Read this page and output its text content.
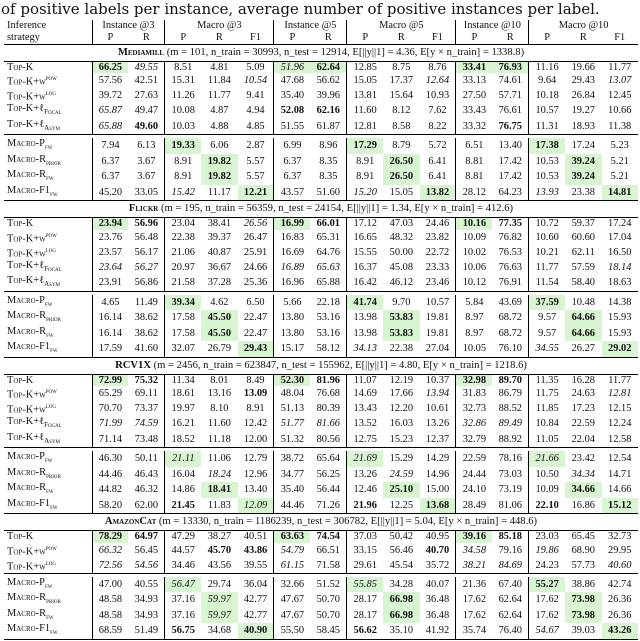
of positive labels per instance, average number of positive instances per label.
Inference	Instance @3		Macro @3			Instance @5		Macro @5			Instance @10		Macro @10		
strategy	P	R	P	R	F1	P	R	P	R	F1	P	R	P	R	F1
Mediamill (m = 101, n_train = 30993, n_test = 12914, E[||y||1] = 4.36, E[y × n_train] = 1338.8)															
Top-K	66.25	49.55	8.51	4.81	5.09	51.96	62.64	12.85	8.75	8.76	33.41	76.93	11.16	19.66	11.77
Top-$K+w^{pow}$	57.56	42.51	15.31	11.84	10.54	47.68	56.62	15.05	17.37	12.64	33.13	74.61	9.64	29.43	13.07
Top-$K+w^{log}$	39.72	27.63	11.26	11.77	9.41	35.40	39.96	13.81	15.64	10.93	27.50	57.71	10.18	26.84	12.45
Top-K+ℓ$_{Focal}$	65.87	49.47	10.08	4.87	4.94	52.08	62.16	11.60	8.12	7.62	33.43	76.61	10.57	19.27	10.66
Top-K+ℓ$_{Asym}$	65.88	49.60	10.03	4.88	4.85	51.55	61.87	12.81	8.58	8.22	33.32	76.75	11.31	18.93	11.38

Macro-$P_{fw}$	7.94	6.13	19.33	6.06	2.87	6.99	8.96	17.29	8.79	5.72	6.51	13.40	17.38	17.24	5.23
Macro-$R_{prior}$	6.37	3.67	8.91	19.82	5.57	6.37	8.35	8.91	26.50	6.41	8.81	17.42	10.53	39.24	5.21
Macro-$R_{fw}$	6.37	3.67	8.91	19.82	5.57	6.37	8.35	8.91	26.50	6.41	8.81	17.42	10.53	39.24	5.21
Macro-$F1_{fw}$	45.20	33.05	15.42	11.17	12.21	43.57	51.60	15.20	15.05	13.82	28.12	64.23	13.93	23.38	14.81
Flickr (m = 195, n_train = 56359, n_test = 24154, E[||y||1] = 1.34, E[y × n_train] = 412.6)															
Top-K	23.94	56.96	23.04	38.41	26.56	16.99	66.01	17.12	47.03	24.46	10.16	77.35	10.72	59.37	17.24
Top-$K+w^{pow}$	23.76	56.48	22.38	39.37	26.47	16.83	65.31	16.65	48.32	23.82	10.09	76.82	10.60	60.60	17.04
Top-$K+w^{log}$	23.57	56.17	21.06	40.87	25.91	16.69	64.76	15.55	50.00	22.72	10.02	76.53	10.21	62.11	16.50
Top-K+ℓ$_{Focal}$	23.64	56.27	20.97	36.67	24.66	16.89	65.63	16.37	45.08	23.33	10.06	76.63	11.77	57.59	18.14
Top-K+ℓ$_{Asym}$	23.91	56.86	21.58	37.28	25.36	16.96	65.88	16.42	46.12	23.46	10.12	76.91	11.54	58.40	18.63

Macro-$P_{fw}$	4.65	11.49	39.34	4.62	6.50	5.66	22.18	41.74	9.70	10.57	5.84	43.69	37.59	10.48	14.38
Macro-$R_{prior}$	16.14	38.62	17.58	45.50	22.47	13.80	53.16	13.98	53.83	19.81	8.97	68.72	9.57	64.66	15.93
Macro-$R_{fw}$	16.14	38.62	17.58	45.50	22.47	13.80	53.16	13.98	53.83	19.81	8.97	68.72	9.57	64.66	15.93
Macro-$F1_{fw}$	17.59	41.60	32.07	26.79	29.43	15.17	58.12	34.13	22.38	27.04	10.05	76.10	34.55	26.27	29.02
RCV1X (m = 2456, n_train = 623847, n_test = 155962, E[||y||1] = 4.80, E[y × n_train] = 1218.6)															
Top-K	72.99	75.32	11.34	8.01	8.49	52.30	81.96	11.07	12.19	10.37	32.98	89.70	11.35	16.28	11.77
Top-$K+w^{pow}$	65.29	69.11	18.61	13.16	13.09	48.04	76.68	14.69	17.66	13.94	31.83	86.79	11.75	24.63	12.81
Top-$K+w^{log}$	70.70	73.37	19.97	8.10	8.91	51.13	80.39	13.43	12.20	10.61	32.73	88.52	11.85	17.23	12.15
Top-K+ℓ$_{Focal}$	71.99	74.59	16.21	11.60	12.42	51.77	81.66	13.52	16.03	13.26	32.86	89.49	10.84	22.59	12.24
Top-K+ℓ$_{Asym}$	71.14	73.48	18.52	11.18	12.00	51.32	80.56	12.75	15.23	12.37	32.79	88.92	11.05	22.04	12.58

Macro-$P_{fw}$	46.30	50.11	21.11	11.06	12.79	38.72	65.64	21.69	15.29	14.29	22.59	78.16	21.66	23.42	12.54
Macro-$R_{prior}$	44.46	46.43	16.04	18.24	12.96	34.77	56.25	13.26	24.59	14.96	24.44	73.03	10.50	34.34	14.71
Macro-$R_{fw}$	44.82	46.32	14.86	18.41	13.40	35.40	56.44	12.46	25.10	15.00	24.10	73.19	10.09	34.66	14.66
Macro-$F1_{fw}$	58.20	62.00	21.45	11.83	12.09	44.46	71.26	21.96	12.25	13.68	28.49	81.06	22.10	16.86	15.12
AmazonCat (m = 13330, n_train = 1186239, n_test = 306782, E[||y||1] = 5.04, E[y × n_train] = 448.6)															
Top-K	78.29	64.97	47.29	38.27	40.51	63.63	74.54	37.03	50.42	40.95	39.16	85.18	23.03	65.45	32.73
Top-$K+w^{pow}$	66.32	56.45	44.57	45.70	43.86	54.79	66.51	33.15	56.46	40.70	34.58	79.16	19.86	68.90	29.95
Top-$K+w^{log}$	72.56	54.56	34.46	43.56	39.55	61.15	71.58	29.61	45.54	35.72	38.21	84.69	24.23	57.73	40.60

Macro-$P_{fw}$	47.00	40.55	56.47	29.74	36.04	32.66	51.52	55.85	34.28	40.07	21.36	67.40	55.27	38.86	42.74
Macro-$R_{prior}$	48.58	34.93	37.16	59.97	42.77	47.67	50.70	28.17	66.98	36.48	17.62	62.64	17.62	73.98	26.36
Macro-$R_{fw}$	48.58	34.93	37.16	59.97	42.77	47.67	50.70	28.17	66.98	36.48	17.62	62.64	17.62	73.98	26.36
Macro-$F1_{fw}$	68.59	51.49	56.75	34.68	40.90	55.50	58.45	56.62	35.10	41.92	35.74	76.40	54.67	39.03	43.26
